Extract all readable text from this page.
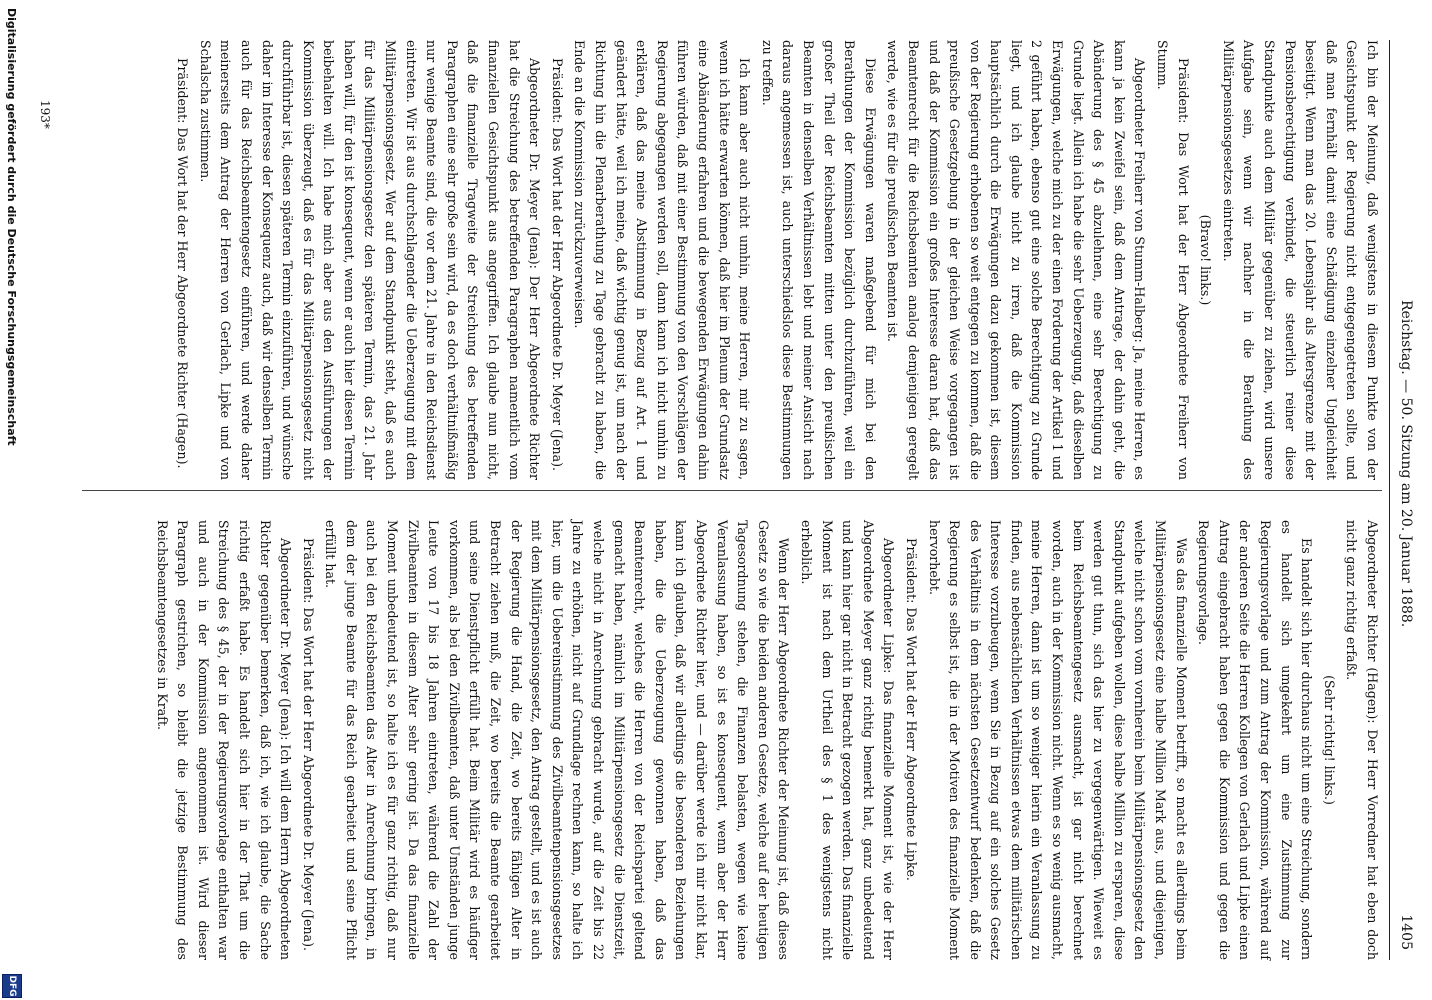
Reichstag. — 50. Sitzung am 20. Januar 1888.
1405

Ich bin der Meinung, daß wenigstens in diesem Punkte von der Gesichtspunkt der Regierung nicht entgegengetreten sollte, und daß man fernhält damit eine Schädigung einzelner Ungleichheit beseitigt. Wenn man das 20. Lebensjahr als Altersgrenze mit der Pensionsberechtigung verbindet, die steuerlich reiner diese Standpunkte auch dem Militär gegenüber zu ziehen, wird unsere Aufgabe sein, wenn wir nachher in die Berathung des Militärpensionsgesetzes eintreten.

(Bravo! links.)

Präsident: Das Wort hat der Herr Abgeordnete Freiherr von Stumm.

Abgeordneter Freiherr von Stumm-Halberg: Ja, meine Herren, es kann ja kein Zweifel sein, daß dem Antrage, der dahin geht, die Abänderung des § 45 abzulehnen, eine sehr Berechtigung zu Grunde liegt. Allein ich habe die sehr Ueberzeugung, daß dieselben Erwägungen, welche mich zu der einen Forderung der Artikel 1 und 2 geführt haben, ebenso gut eine solche Berechtigung zu Grunde liegt, und ich glaube nicht zu irren, daß die Kommission hauptsächlich durch die Erwägungen dazu gekommen ist, diesem von der Regierung erhobenen so weit entgegen zu kommen, daß die preußische Gesetzgebung in der gleichen Weise vorgegangen ist und daß der Kommission ein großes Interesse daran hat, daß das Beamtenrecht für die Reichsbeamten analog demjenigen geregelt werde, wie es für die preußischen Beamten ist.

Diese Erwägungen waren maßgebend für mich bei den Berathungen der Kommission bezüglich durchzuführen, weil ein großer Theil der Reichsbeamten mitten unter den preußischen Beamten in denselben Verhältnissen lebt und meiner Ansicht nach daraus angemessen ist, auch unterschiedslos diese Bestimmungen zu treffen.

Ich kann aber auch nicht umhin, meine Herren, mir zu sagen, wenn ich hätte erwarten können, daß hier im Plenum der Grundsatz eine Abänderung erfahren und die bewegenden Erwägungen dahin führen würden, daß mit einer Bestimmung von den Vorschlägen der Regierung abgegangen werden soll, dann kann ich nicht umhin zu erklären, daß das meine Abstimmung in Bezug auf Art. 1 und geändert hätte, weil ich meine, daß wichtig genug ist, um nach der Richtung hin die Plenarberathung zu Tage gebracht zu haben, die Ende an die Kommission zurückzuverweisen.

Präsident: Das Wort hat der Herr Abgeordnete Dr. Meyer (Jena).

Abgeordneter Dr. Meyer (Jena): Der Herr Abgeordnete Richter hat die Streichung des betreffenden Paragraphen namentlich vom finanziellen Gesichtspunkt aus angegriffen. Ich glaube nun nicht, daß die finanzielle Tragweite der Streichung des betreffenden Paragraphen eine sehr große sein wird, da es doch verhältnißmäßig nur wenige Beamte sind, die vor dem 21. Jahre in den Reichsdienst eintreten. Wir ist aus durchschlagender die Ueberzeugung mit dem Militärpensionsgesetz. Wer auf dem Standpunkt steht, daß es auch für das Militärpensionsgesetz den späteren Termin, das 21. Jahr haben will, für den ist konsequent, wenn er auch hier diesen Termin beibehalten will. Ich habe mich aber aus den Ausführungen der Kommission überzeugt, daß es für das Militärpensionsgesetz nicht durchführbar ist, diesen späteren Termin einzuführen, und wünsche daher im Interesse der Konsequenz auch, daß wir denselben Termin auch für das Reichsbeamtengesetz einführen, und werde daher meinerseits dem Antrag der Herren von Gerlach, Lipke und von Schalscha zustimmen.

Präsident: Das Wort hat der Herr Abgeordnete Richter (Hagen).

Abgeordneter Richter (Hagen): Der Herr Vorredner hat eben doch nicht ganz richtig erfaßt.

(Sehr richtig! links.)

Es handelt sich hier durchaus nicht um eine Streichung, sondern es handelt sich umgekehrt um eine Zustimmung zur Regierungsvorlage und zum Antrag der Kommission, während auf der anderen Seite die Herren Kollegen von Gerlach und Lipke einen Antrag eingebracht haben gegen die Kommission und gegen die Regierungsvorlage.

Was das finanzielle Moment betrifft, so macht es allerdings beim Militärpensionsgesetz eine halbe Million Mark aus, und diejenigen, welche nicht schon vom vornherein beim Militärpensionsgesetz den Standpunkt aufgeben wollen, diese halbe Million zu ersparen, diese werden gut thun, sich das hier zu vergegenwärtigen. Wieweit es beim Reichsbeamtengesetz ausmacht, ist gar nicht berechnet worden, auch in der Kommission nicht. Wenn es so wenig ausmacht, meine Herren, dann ist um so weniger hierin ein Veranlassung zu finden, aus nebensächlichen Verhältnissen etwas dem militärischen Interesse vorzubeugen, wenn Sie in Bezug auf ein solches Gesetz des Verhältnis in dem nächsten Gesetzentwurf bedenken, daß die Regierung es selbst ist, die in der Motiven des finanzielle Moment hervorhebt.

Präsident: Das Wort hat der Herr Abgeordnete Lipke.

Abgeordneter Lipke: Das finanzielle Moment ist, wie der Herr Abgeordnete Meyer ganz richtig bemerkt hat, ganz unbedeutend und kann hier gar nicht in Betracht gezogen werden. Das finanzielle Moment ist nach dem Urtheil des § 1 des wenigstens nicht erheblich.

Wenn der Herr Abgeordnete Richter der Meinung ist, daß dieses Gesetz so wie die beiden anderen Gesetze, welche auf der heutigen Tagesordnung stehen, die Finanzen belasten, wegen wie keine Veranlassung haben, so ist es konsequent, wenn aber der Herr Abgeordnete Richter hier, und — darüber werde ich mir nicht klar, kann ich glauben, daß wir allerdings die besonderen Beziehungen haben, die die Ueberzeugung gewonnen haben, daß das Beamtenrecht, welches die Herren von der Reichspartei geltend gemacht haben, nämlich im Militärpensionsgesetz die Dienstzeit, welche nicht in Anrechnung gebracht wurde, auf die Zeit bis 22 Jahre zu erhöhen, nicht auf Grundlage rechnen kann, so halte ich hier, um die Uebereinstimmung des Zivilbeamtenpensionsgesetzes mit dem Militärpensionsgesetz, den Antrag gestellt, und es ist auch der Regierung die Hand, die Zeit, wo bereits fähigen Alter in Betracht ziehen muß, die Zeit, wo bereits die Beamte gearbeitet und seine Dienstpflicht erfüllt hat. Beim Militär wird es häufiger vorkommen, als bei den Zivilbeamten, daß unter Umständen junge Leute von 17 bis 18 Jahren eintreten, während die Zahl der Zivilbeamten in diesem Alter sehr gering ist. Da das finanzielle Moment unbedeutend ist, so halte ich es für ganz richtig, daß nur auch bei den Reichsbeamten das Alter in Anrechnung bringen, in dem der junge Beamte für das Reich gearbeitet und seine Pflicht erfüllt hat.

Präsident: Das Wort hat der Herr Abgeordnete Dr. Meyer (Jena).

Abgeordneter Dr. Meyer (Jena): Ich will dem Herrn Abgeordneten Richter gegenüber bemerken, daß ich, wie ich glaube, die Sache richtig erfaßt habe. Es handelt sich hier in der That um die Streichung des § 45, der in der Regierungsvorlage enthalten war und auch in der Kommission angenommen ist. Wird dieser Paragraph gestrichen, so bleibt die jetzige Bestimmung des Reichsbeamtengesetzes in Kraft.

193*
Digitalisierung gefördert durch die Deutsche Forschungsgemeinschaft
DFG
